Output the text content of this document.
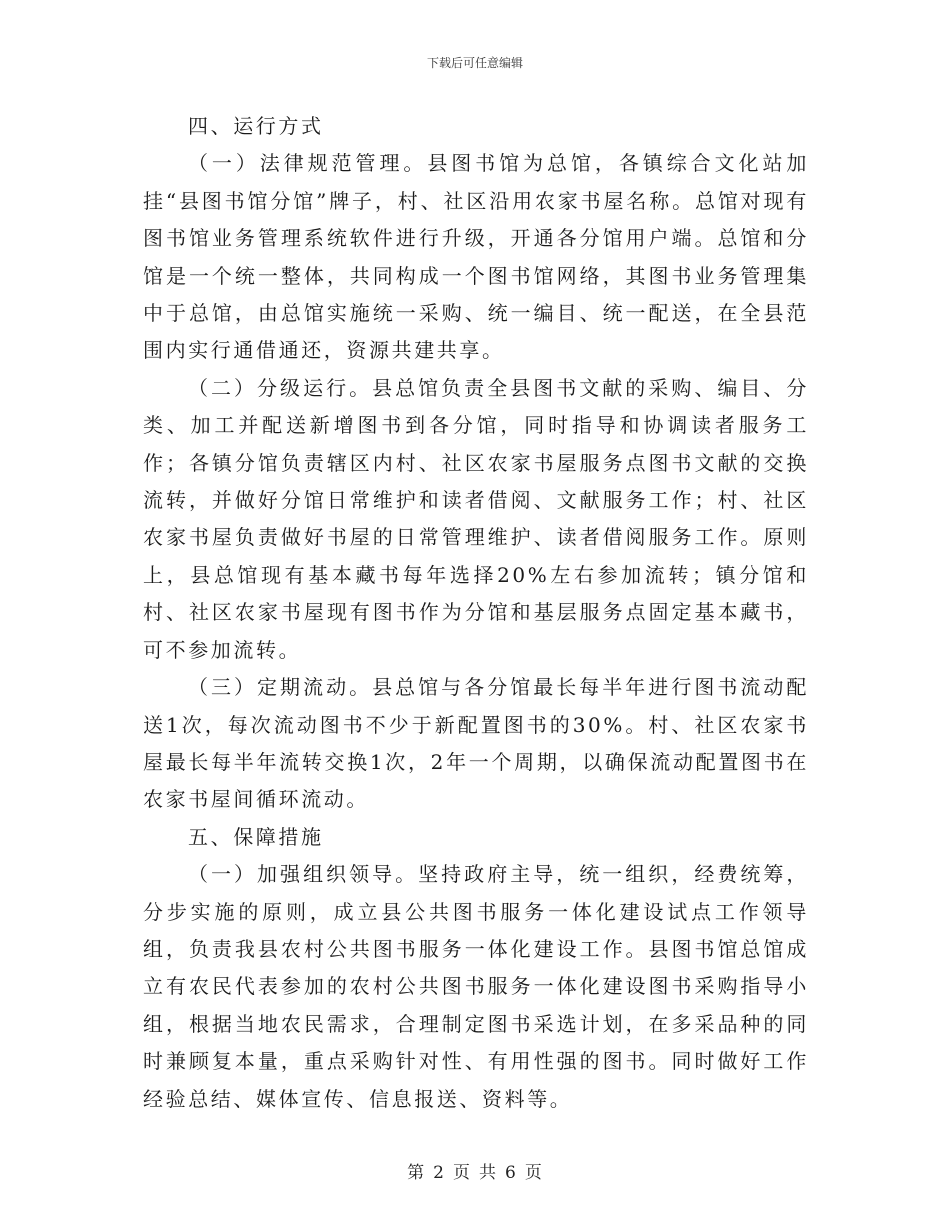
下载后可任意编辑

四、运行方式

（一）法律规范管理。县图书馆为总馆，各镇综合文化站加挂“县图书馆分馆”牌子，村、社区沿用农家书屋名称。总馆对现有图书馆业务管理系统软件进行升级，开通各分馆用户端。总馆和分馆是一个统一整体，共同构成一个图书馆网络，其图书业务管理集中于总馆，由总馆实施统一采购、统一编目、统一配送，在全县范围内实行通借通还，资源共建共享。

（二）分级运行。县总馆负责全县图书文献的采购、编目、分类、加工并配送新增图书到各分馆，同时指导和协调读者服务工作；各镇分馆负责辖区内村、社区农家书屋服务点图书文献的交换流转，并做好分馆日常维护和读者借阅、文献服务工作；村、社区农家书屋负责做好书屋的日常管理维护、读者借阅服务工作。原则上，县总馆现有基本藏书每年选择20%左右参加流转；镇分馆和村、社区农家书屋现有图书作为分馆和基层服务点固定基本藏书，可不参加流转。

（三）定期流动。县总馆与各分馆最长每半年进行图书流动配送1次，每次流动图书不少于新配置图书的30%。村、社区农家书屋最长每半年流转交换1次，2年一个周期，以确保流动配置图书在农家书屋间循环流动。

五、保障措施

（一）加强组织领导。坚持政府主导，统一组织，经费统筹，分步实施的原则，成立县公共图书服务一体化建设试点工作领导组，负责我县农村公共图书服务一体化建设工作。县图书馆总馆成立有农民代表参加的农村公共图书服务一体化建设图书采购指导小组，根据当地农民需求，合理制定图书采选计划，在多采品种的同时兼顾复本量，重点采购针对性、有用性强的图书。同时做好工作经验总结、媒体宣传、信息报送、资料等。

第 2 页 共 6 页
